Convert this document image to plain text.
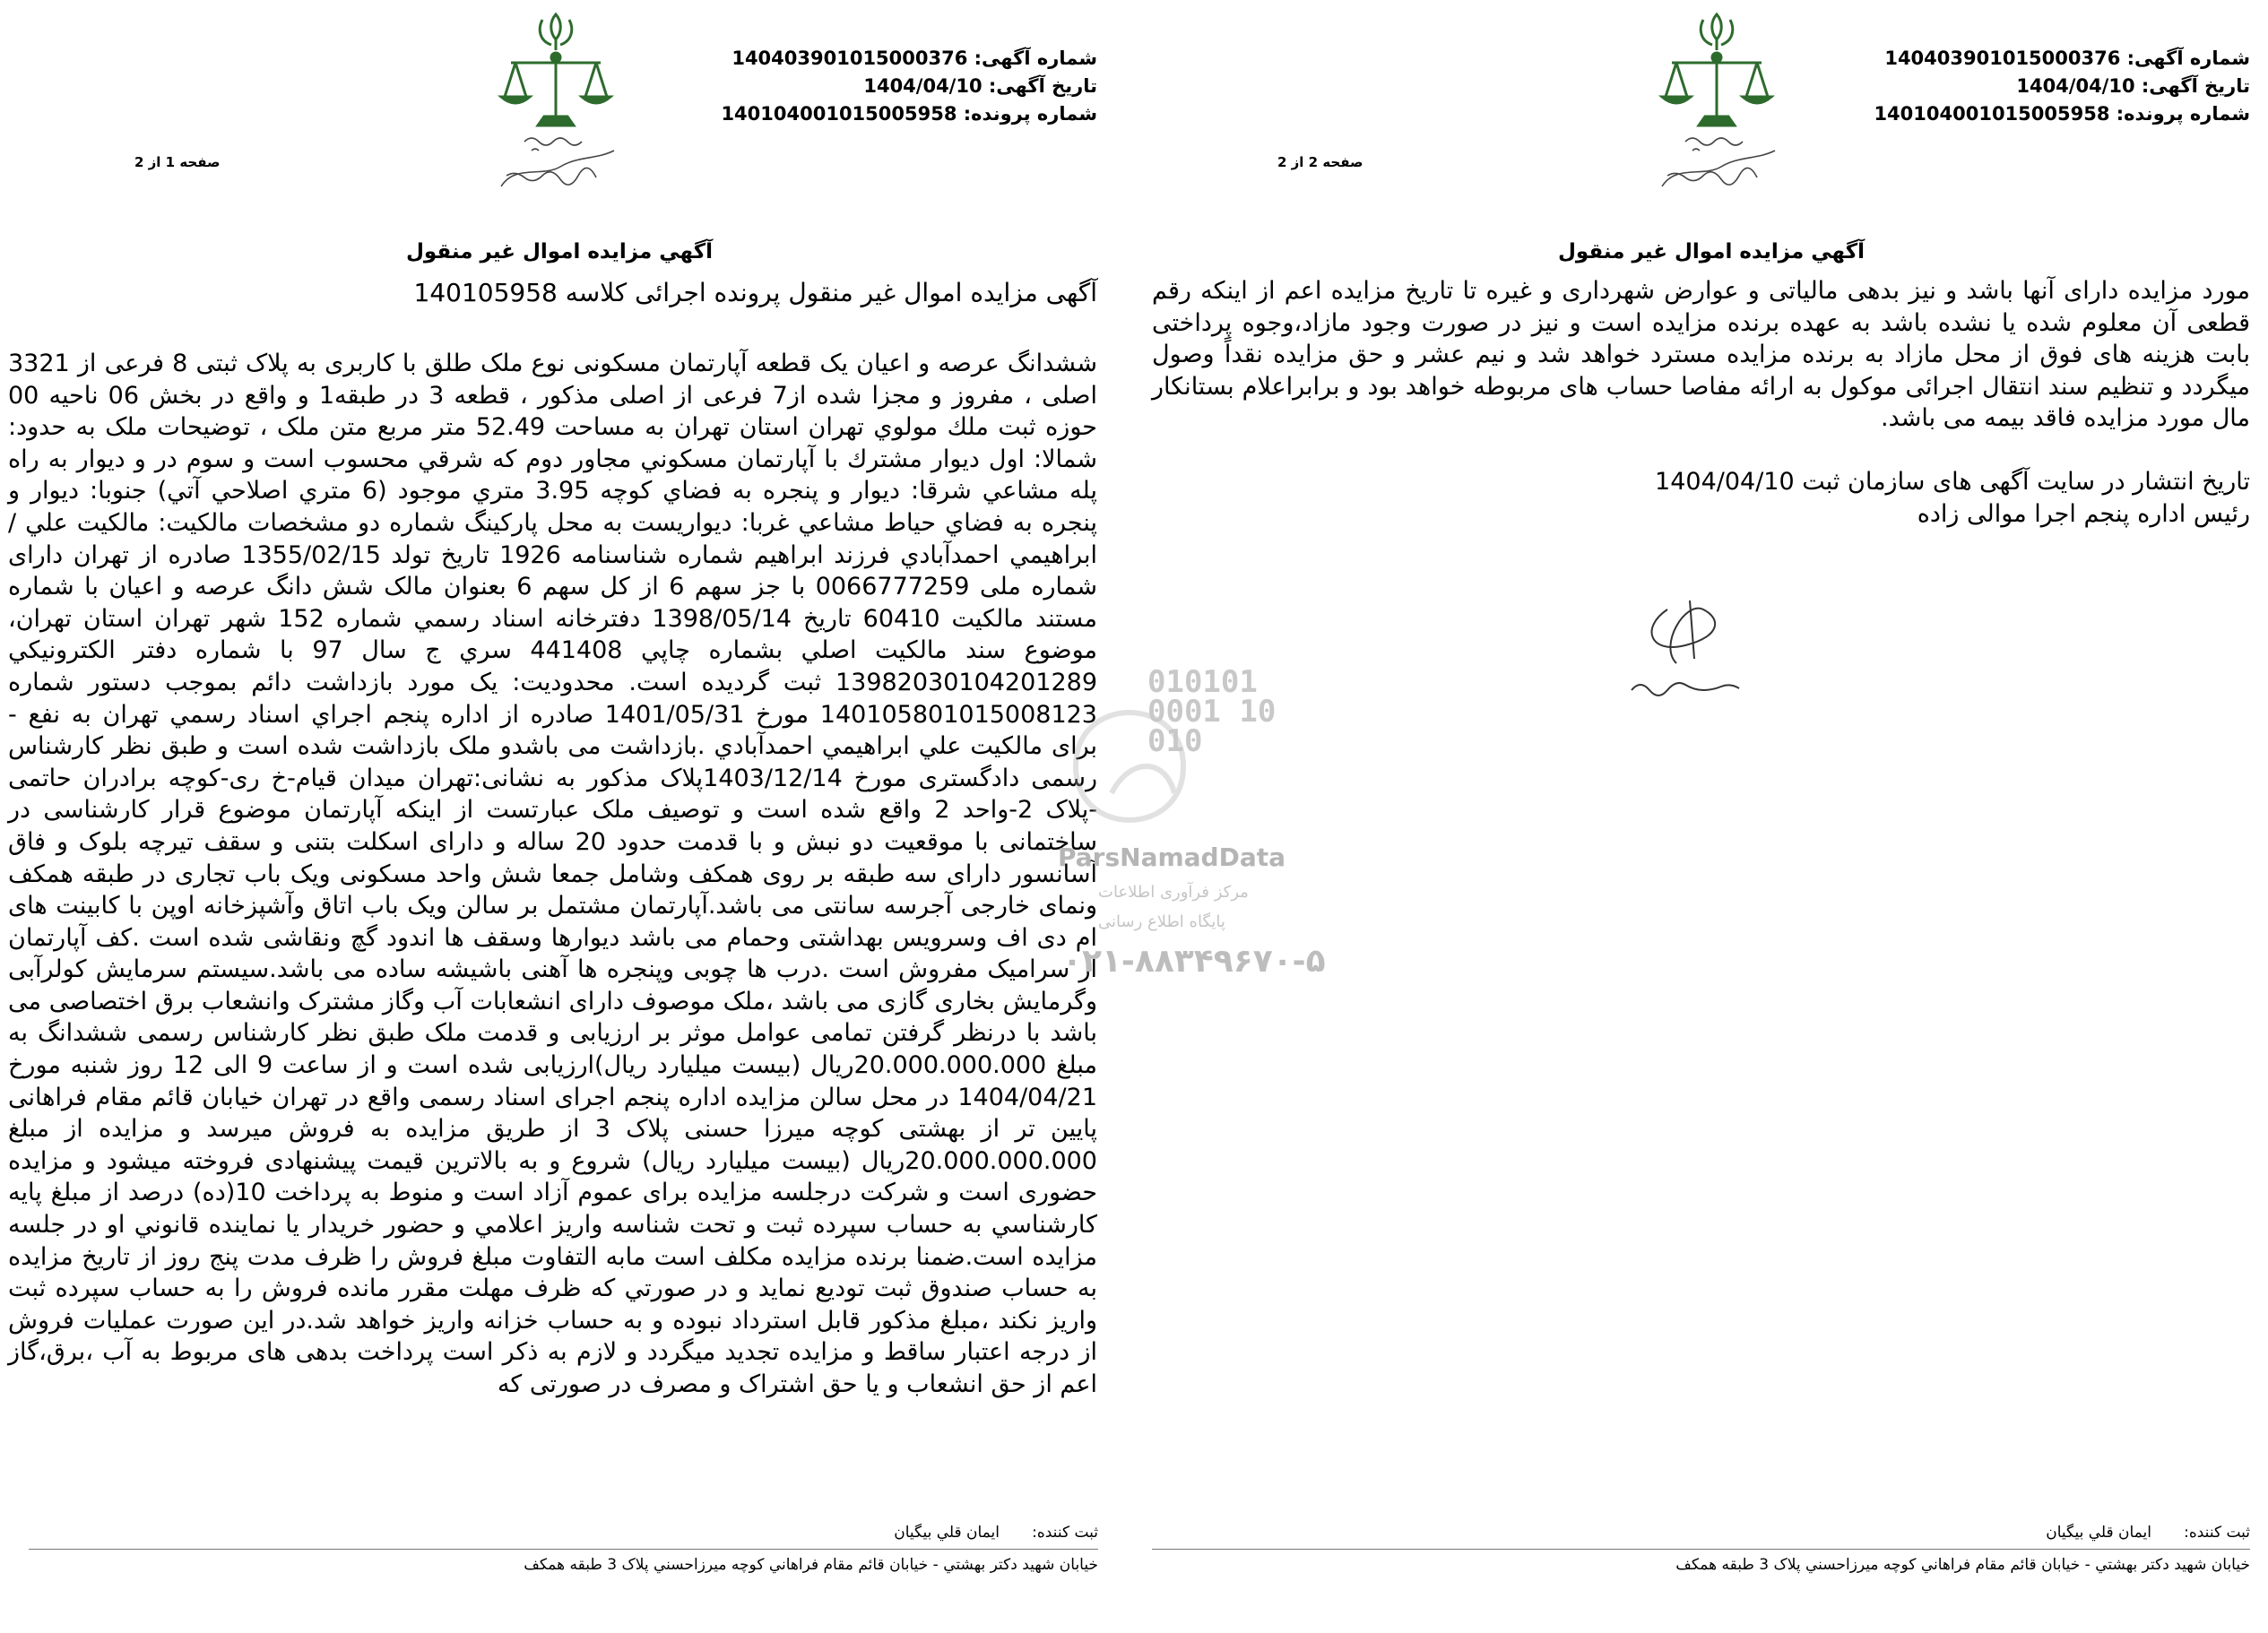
شماره آگهی: 140403901015000376
تاریخ آگهی: 1404/04/10
شماره پرونده: 140104001015005958
صفحه 1 از 2
آگهي مزايده اموال غير منقول
آگهی مزایده اموال غیر منقول پرونده اجرائی کلاسه 140105958
ششدانگ عرصه و اعیان یک قطعه آپارتمان مسکونی نوع ملک طلق با کاربری به پلاک ثبتی 8 فرعی از 3321 اصلی ، مفروز و مجزا شده از7 فرعی از اصلی مذکور ، قطعه 3 در طبقه1 و واقع در بخش 06 ناحیه 00 حوزه ثبت ملك مولوي تهران استان تهران به مساحت 52.49 متر مربع متن ملک ، توضیحات ملک به حدود: شمالا: اول ديوار مشترك با آپارتمان مسكوني مجاور دوم كه شرقي محسوب است و سوم در و ديوار به راه پله مشاعي شرقا: ديوار و پنجره به فضاي كوچه 3.95 متري موجود (6 متري اصلاحي آتي) جنوبا: ديوار و پنجره به فضاي حياط مشاعي غربا: ديواريست به محل پاركينگ شماره دو مشخصات مالکیت: مالكيت علي / ابراهيمي احمدآبادي فرزند ابراهيم شماره شناسنامه 1926 تاريخ تولد 1355/02/15 صادره از تهران دارای شماره ملی 0066777259 با جز سهم 6 از کل سهم 6 بعنوان مالک شش دانگ عرصه و اعیان با شماره مستند مالكيت 60410 تاريخ 1398/05/14 دفترخانه اسناد رسمي شماره 152 شهر تهران استان تهران، موضوع سند مالکیت اصلي بشماره چاپي 441408 سري ج سال 97 با شماره دفتر الكترونيكي 13982030104201289 ثبت گرديده است. محدودیت: یک مورد بازداشت دائم بموجب دستور شماره 140105801015008123 مورخ 1401/05/31 صادره از اداره پنجم اجراي اسناد رسمي تهران به نفع - برای مالكيت علي ابراهيمي احمدآبادي .بازداشت می باشدو ملک بازداشت شده است و طبق نظر کارشناس رسمی دادگستری مورخ 1403/12/14پلاک مذکور به نشانی:تهران میدان قیام-خ ری-کوچه برادران حاتمی -پلاک 2-واحد 2 واقع شده است و توصیف ملک عبارتست از اینکه آپارتمان موضوع قرار کارشناسی در ساختمانی با موقعیت دو نبش و با قدمت حدود 20 ساله و دارای اسکلت بتنی و سقف تیرچه بلوک و فاق آسانسور دارای سه طبقه بر روی همکف وشامل جمعا شش واحد مسکونی ویک باب تجاری در طبقه همکف ونمای خارجی آجرسه سانتی می باشد.آپارتمان مشتمل بر سالن ویک باب اتاق وآشپزخانه اوپن با کابینت های ام دی اف وسرویس بهداشتی وحمام می باشد دیوارها وسقف ها اندود گچ ونقاشی شده است .کف آپارتمان از سرامیک مفروش است .درب ها چوبی وپنجره ها آهنی باشیشه ساده می باشد.سیستم سرمایش کولرآبی وگرمایش بخاری گازی می باشد ،ملک موصوف دارای انشعابات آب وگاز مشترک وانشعاب برق اختصاصی می باشد با درنظر گرفتن تمامی عوامل موثر بر ارزیابی و قدمت ملک طبق نظر کارشناس رسمی ششدانگ به مبلغ 20.000.000.000ریال (بیست میلیارد ریال)ارزیابی شده است و از ساعت 9 الی 12 روز شنبه مورخ 1404/04/21 در محل سالن مزایده اداره پنجم اجرای اسناد رسمی واقع در تهران خیابان قائم مقام فراهانی پایین تر از بهشتی کوچه میرزا حسنی پلاک 3 از طریق مزایده به فروش میرسد و مزایده از مبلغ 20.000.000.000ریال (بیست میلیارد ریال) شروع و به بالاترین قیمت پیشنهادی فروخته میشود و مزایده حضوری است و شرکت درجلسه مزایده برای عموم آزاد است و منوط به پرداخت 10(ده) درصد از مبلغ پایه کارشناسي به حساب سپرده ثبت و تحت شناسه واريز اعلامي و حضور خريدار يا نماينده قانوني او در جلسه مزايده است.ضمنا برنده مزايده مكلف است مابه التفاوت مبلغ فروش را ظرف مدت پنج روز از تاريخ مزايده به حساب صندوق ثبت توديع نمايد و در صورتي كه ظرف مهلت مقرر مانده فروش را به حساب سپرده ثبت واريز نكند ،مبلغ مذكور قابل استرداد نبوده و به حساب خزانه واريز خواهد شد.در این صورت عملیات فروش از درجه اعتبار ساقط و مزایده تجدید میگردد و لازم به ذکر است پرداخت بدهی های مربوط به آب ،برق،گاز اعم از حق انشعاب و یا حق اشتراک و مصرف در صورتی که
ثبت کننده:
ايمان قلي بيگيان
خيابان شهيد دكتر بهشتي - خيابان قائم مقام فراهاني كوچه ميرزاحسني پلاک 3 طبقه همکف
شماره آگهی: 140403901015000376
تاریخ آگهی: 1404/04/10
شماره پرونده: 140104001015005958
صفحه 2 از 2
آگهي مزايده اموال غير منقول
مورد مزایده دارای آنها باشد و نیز بدهی مالیاتی و عوارض شهرداری و غیره تا تاریخ مزایده اعم از اینکه رقم قطعی آن معلوم شده یا نشده باشد به عهده برنده مزایده است و نیز در صورت وجود مازاد،وجوه پرداختی بابت هزینه های فوق از محل مازاد به برنده مزایده مسترد خواهد شد و نیم عشر و حق مزایده نقداً وصول میگردد و تنظیم سند انتقال اجرائی موکول به ارائه مفاصا حساب های مربوطه خواهد بود و برابراعلام بستانکار مال مورد مزایده فاقد بیمه می باشد.
تاریخ انتشار در سایت آگهی های سازمان ثبت 1404/04/10
رئیس اداره پنجم اجرا موالی زاده
ثبت کننده:
ايمان قلي بيگيان
خيابان شهيد دكتر بهشتي - خيابان قائم مقام فراهاني كوچه ميرزاحسني پلاک 3 طبقه همکف
010101 0001 10 010
ParsNamadData
مرکز فرآوری اطلاعات
پایگاه اطلاع رسانی
۰۲۱-۸۸۳۴۹۶۷۰-۵
